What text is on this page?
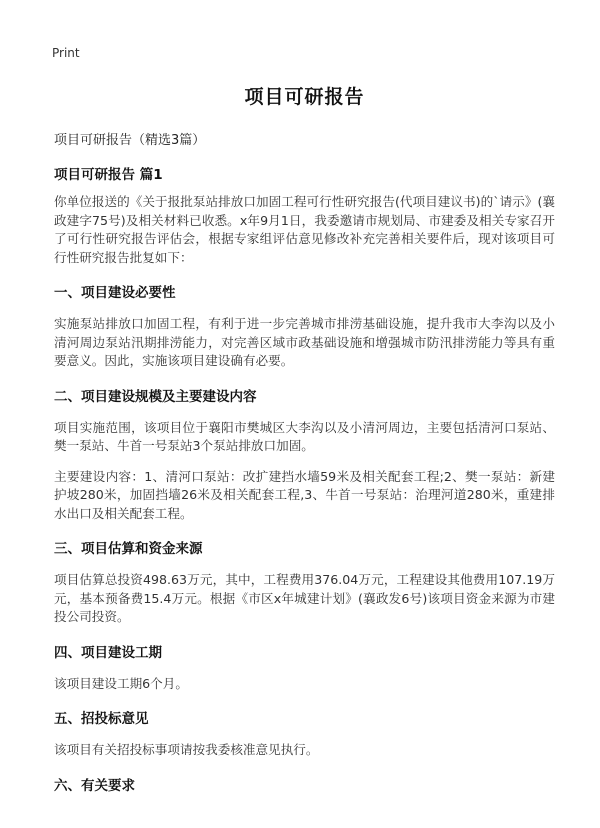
Print
项目可研报告
项目可研报告（精选3篇）
项目可研报告 篇1
你单位报送的《关于报批泵站排放口加固工程可行性研究报告(代项目建议书)的`请示》(襄政建字75号)及相关材料已收悉。x年9月1日，我委邀请市规划局、市建委及相关专家召开了可行性研究报告评估会，根据专家组评估意见修改补充完善相关要件后，现对该项目可行性研究报告批复如下：
一、项目建设必要性
实施泵站排放口加固工程，有利于进一步完善城市排涝基础设施，提升我市大李沟以及小清河周边泵站汛期排涝能力，对完善区域市政基础设施和增强城市防汛排涝能力等具有重要意义。因此，实施该项目建设确有必要。
二、项目建设规模及主要建设内容
项目实施范围，该项目位于襄阳市樊城区大李沟以及小清河周边，主要包括清河口泵站、樊一泵站、牛首一号泵站3个泵站排放口加固。
主要建设内容：1、清河口泵站：改扩建挡水墙59米及相关配套工程;2、樊一泵站：新建护坡280米，加固挡墙26米及相关配套工程,3、牛首一号泵站：治理河道280米，重建排水出口及相关配套工程。
三、项目估算和资金来源
项目估算总投资498.63万元，其中，工程费用376.04万元，工程建设其他费用107.19万元，基本预备费15.4万元。根据《市区x年城建计划》(襄政发6号)该项目资金来源为市建投公司投资。
四、项目建设工期
该项目建设工期6个月。
五、招投标意见
该项目有关招投标事项请按我委核准意见执行。
六、有关要求
